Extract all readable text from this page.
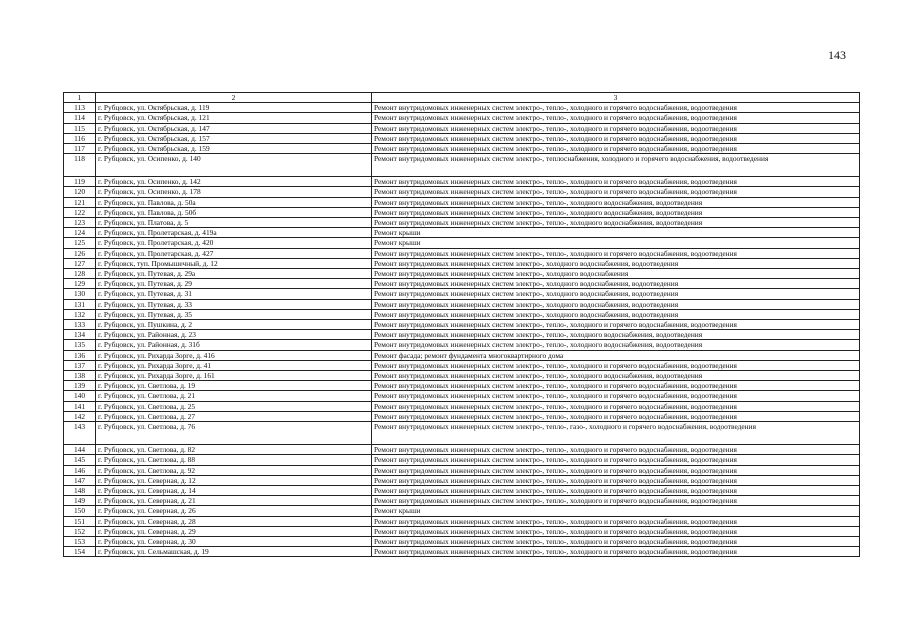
143
1	2	3
113	г. Рубцовск, ул. Октябрьская, д. 119	Ремонт внутридомовых инженерных систем электро-, тепло-, холодного и горячего водоснабжения, водоотведения
114	г. Рубцовск, ул. Октябрьская, д. 121	Ремонт внутридомовых инженерных систем электро-, тепло-, холодного и горячего водоснабжения, водоотведения
115	г. Рубцовск, ул. Октябрьская, д. 147	Ремонт внутридомовых инженерных систем электро-, тепло-, холодного и горячего водоснабжения, водоотведения
116	г. Рубцовск, ул. Октябрьская, д. 157	Ремонт внутридомовых инженерных систем электро-, тепло-, холодного и горячего водоснабжения, водоотведения
117	г. Рубцовск, ул. Октябрьская, д. 159	Ремонт внутридомовых инженерных систем электро-, тепло-, холодного и горячего водоснабжения, водоотведения
118	г. Рубцовск, ул. Осипенко, д. 140	Ремонт внутридомовых инженерных систем электро-, теплоснабжения, холодного и горячего водоснабжения, водоотведения
119	г. Рубцовск, ул. Осипенко, д. 142	Ремонт внутридомовых инженерных систем электро-, тепло-, холодного и горячего водоснабжения, водоотведения
120	г. Рубцовск, ул. Осипенко, д. 178	Ремонт внутридомовых инженерных систем электро-, тепло-, холодного и горячего водоснабжения, водоотведения
121	г. Рубцовск, ул. Павлова, д. 50а	Ремонт внутридомовых инженерных систем электро-, тепло-, холодного водоснабжения, водоотведения
122	г. Рубцовск, ул. Павлова, д. 50б	Ремонт внутридомовых инженерных систем электро-, тепло-, холодного водоснабжения, водоотведения
123	г. Рубцовск, ул. Платова, д. 5	Ремонт внутридомовых инженерных систем электро-, тепло-, холодного водоснабжения, водоотведения
124	г. Рубцовск, ул. Пролетарская, д. 419а	Ремонт крыши
125	г. Рубцовск, ул. Пролетарская, д. 420	Ремонт крыши
126	г. Рубцовск, ул. Пролетарская, д. 427	Ремонт внутридомовых инженерных систем электро-, тепло-, холодного и горячего водоснабжения, водоотведения
127	г. Рубцовск, туп. Промышечный, д. 12	Ремонт внутридомовых инженерных систем электро-, холодного водоснабжения, водоотведения
128	г. Рубцовск, ул. Путевая, д. 29а	Ремонт внутридомовых инженерных систем электро-, холодного водоснабжения
129	г. Рубцовск, ул. Путевая, д. 29	Ремонт внутридомовых инженерных систем электро-, холодного водоснабжения, водоотведения
130	г. Рубцовск, ул. Путевая, д. 31	Ремонт внутридомовых инженерных систем электро-, холодного водоснабжения, водоотведения
131	г. Рубцовск, ул. Путевая, д. 33	Ремонт внутридомовых инженерных систем электро-, холодного водоснабжения, водоотведения
132	г. Рубцовск, ул. Путевая, д. 35	Ремонт внутридомовых инженерных систем электро-, холодного водоснабжения, водоотведения
133	г. Рубцовск, ул. Пушкина, д. 2	Ремонт внутридомовых инженерных систем электро-, тепло-, холодного и горячего водоснабжения, водоотведения
134	г. Рубцовск, ул. Районная, д. 23	Ремонт внутридомовых инженерных систем электро-, тепло-, холодного водоснабжения, водоотведения
135	г. Рубцовск, ул. Районная, д. 31б	Ремонт внутридомовых инженерных систем электро-, тепло-, холодного водоснабжения, водоотведения
136	г. Рубцовск, ул. Рихарда Зорге, д. 416	Ремонт фасада; ремонт фундамента многоквартирного дома
137	г. Рубцовск, ул. Рихарда Зорге, д. 41	Ремонт внутридомовых инженерных систем электро-, тепло-, холодного и горячего водоснабжения, водоотведения
138	г. Рубцовск, ул. Рихарда Зорге, д. 161	Ремонт внутридомовых инженерных систем электро-, тепло-, холодного водоснабжения, водоотведения
139	г. Рубцовск, ул. Светлова, д. 19	Ремонт внутридомовых инженерных систем электро-, тепло-, холодного и горячего водоснабжения, водоотведения
140	г. Рубцовск, ул. Светлова, д. 21	Ремонт внутридомовых инженерных систем электро-, тепло-, холодного и горячего водоснабжения, водоотведения
141	г. Рубцовск, ул. Светлова, д. 25	Ремонт внутридомовых инженерных систем электро-, тепло-, холодного и горячего водоснабжения, водоотведения
142	г. Рубцовск, ул. Светлова, д. 27	Ремонт внутридомовых инженерных систем электро-, тепло-, холодного и горячего водоснабжения, водоотведения
143	г. Рубцовск, ул. Светлова, д. 76	Ремонт внутридомовых инженерных систем электро-, тепло-, газо-, холодного и горячего водоснабжения, водоотведения
144	г. Рубцовск, ул. Светлова, д. 82	Ремонт внутридомовых инженерных систем электро-, тепло-, холодного и горячего водоснабжения, водоотведения
145	г. Рубцовск, ул. Светлова, д. 88	Ремонт внутридомовых инженерных систем электро-, тепло-, холодного и горячего водоснабжения, водоотведения
146	г. Рубцовск, ул. Светлова, д. 92	Ремонт внутридомовых инженерных систем электро-, тепло-, холодного и горячего водоснабжения, водоотведения
147	г. Рубцовск, ул. Северная, д. 12	Ремонт внутридомовых инженерных систем электро-, тепло-, холодного и горячего водоснабжения, водоотведения
148	г. Рубцовск, ул. Северная, д. 14	Ремонт внутридомовых инженерных систем электро-, тепло-, холодного и горячего водоснабжения, водоотведения
149	г. Рубцовск, ул. Северная, д. 21	Ремонт внутридомовых инженерных систем электро-, тепло-, холодного и горячего водоснабжения, водоотведения
150	г. Рубцовск, ул. Северная, д. 26	Ремонт крыши
151	г. Рубцовск, ул. Северная, д. 28	Ремонт внутридомовых инженерных систем электро-, тепло-, холодного и горячего водоснабжения, водоотведения
152	г. Рубцовск, ул. Северная, д. 29	Ремонт внутридомовых инженерных систем электро-, тепло-, холодного и горячего водоснабжения, водоотведения
153	г. Рубцовск, ул. Северная, д. 30	Ремонт внутридомовых инженерных систем электро-, тепло-, холодного и горячего водоснабжения, водоотведения
154	г. Рубцовск, ул. Сельмашская, д. 19	Ремонт внутридомовых инженерных систем электро-, тепло-, холодного и горячего водоснабжения, водоотведения
